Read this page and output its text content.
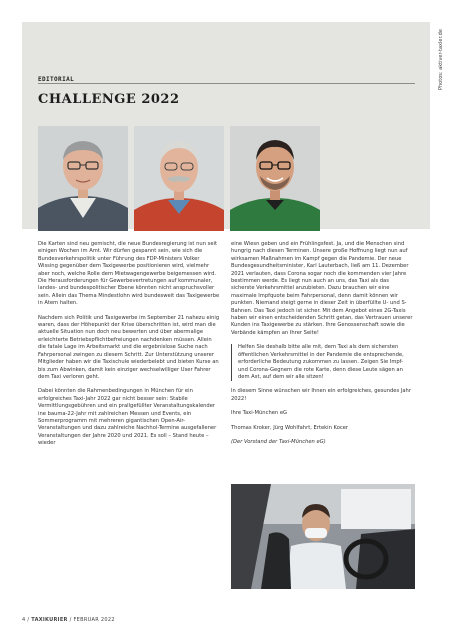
Photos: aktiver-taxler.de
EDITORIAL
CHALLENGE 2022

Die Karten sind neu gemischt, die neue Bundesregierung ist nun seit einigen Wochen im Amt. Wir dürfen gespannt sein, wie sich die Bundesverkehrspolitik unter Führung des FDP-Ministers Volker Wissing gegenüber dem Taxigewerbe positionieren wird, vielmehr aber noch, welche Rolle dem Mietwagengewerbe beigemessen wird. Die Herausforderungen für Gewerbevertretungen auf kommunaler, landes- und bundespolitischer Ebene könnten nicht anspruchsvoller sein. Allein das Thema Mindestlohn wird bundesweit das Taxigewerbe in Atem halten.

Nachdem sich Politik und Taxigewerbe im September 21 nahezu einig waren, dass der Höhepunkt der Krise überschritten ist, wird man die aktuelle Situation nun doch neu bewerten und über abermalige erleichterte Betriebspflichtbefreiungen nachdenken müssen. Allein die fatale Lage im Arbeitsmarkt und die ergebnislose Suche nach Fahrpersonal zwingen zu diesem Schritt. Zur Unterstützung unserer Mitglieder haben wir die Taxischule wiederbelebt und bieten Kurse an bis zum Abwinken, damit kein einziger wechselwilliger User Fahrer dem Taxi verloren geht.

Dabei könnten die Rahmenbedingungen in München für ein erfolgreiches Taxi-Jahr 2022 gar nicht besser sein: Stabile Vermittlungsgebühren und ein prallgefüllter Veranstaltungskalender ine bauma-22-Jahr mit zahlreichen Messen und Events, ein Sommerprogramm mit mehreren gigantischen Open-Air-Veranstaltungen und dazu zahlreiche Nachhol-Termine ausgefallener Veranstaltungen der Jahre 2020 und 2021. Es soll – Stand heute – wieder

eine Wiesn geben und ein Frühlingsfest. Ja, und die Menschen sind hungrig nach diesen Terminen. Unsere große Hoffnung liegt nun auf wirksamen Maßnahmen im Kampf gegen die Pandemie. Der neue Bundesgesundheitsminister, Karl Lauterbach, ließ am 11. Dezember 2021 verlauten, dass Corona sogar noch die kommenden vier Jahre bestimmen werde. Es liegt nun auch an uns, das Taxi als das sicherste Verkehrsmittel anzubieten. Dazu brauchen wir eine maximale Impfquote beim Fahrpersonal, denn damit können wir punkten. Niemand steigt gerne in dieser Zeit in überfüllte U- und S-Bahnen. Das Taxi jedoch ist sicher. Mit dem Angebot eines 2G-Taxis haben wir einen entscheidenden Schritt getan, das Vertrauen unserer Kunden ins Taxigewerbe zu stärken. Ihre Genossenschaft sowie die Verbände kämpfen an Ihrer Seite!

Helfen Sie deshalb bitte alle mit, dem Taxi als dem sichersten öffentlichen Verkehrsmittel in der Pandemie die entsprechende, erforderliche Bedeutung zukommen zu lassen. Zeigen Sie Impf- und Corona-Gegnern die rote Karte, denn diese Leute sägen an dem Ast, auf dem wir alle sitzen!

In diesem Sinne wünschen wir Ihnen ein erfolgreiches, gesundes Jahr 2022!

Ihre Taxi-München eG

Thomas Kroker, Jürg Wohlfahrt, Ertekin Kocer

(Der Vorstand der Taxi-München eG)

4 / TAXIKURIER / FEBRUAR 2022
